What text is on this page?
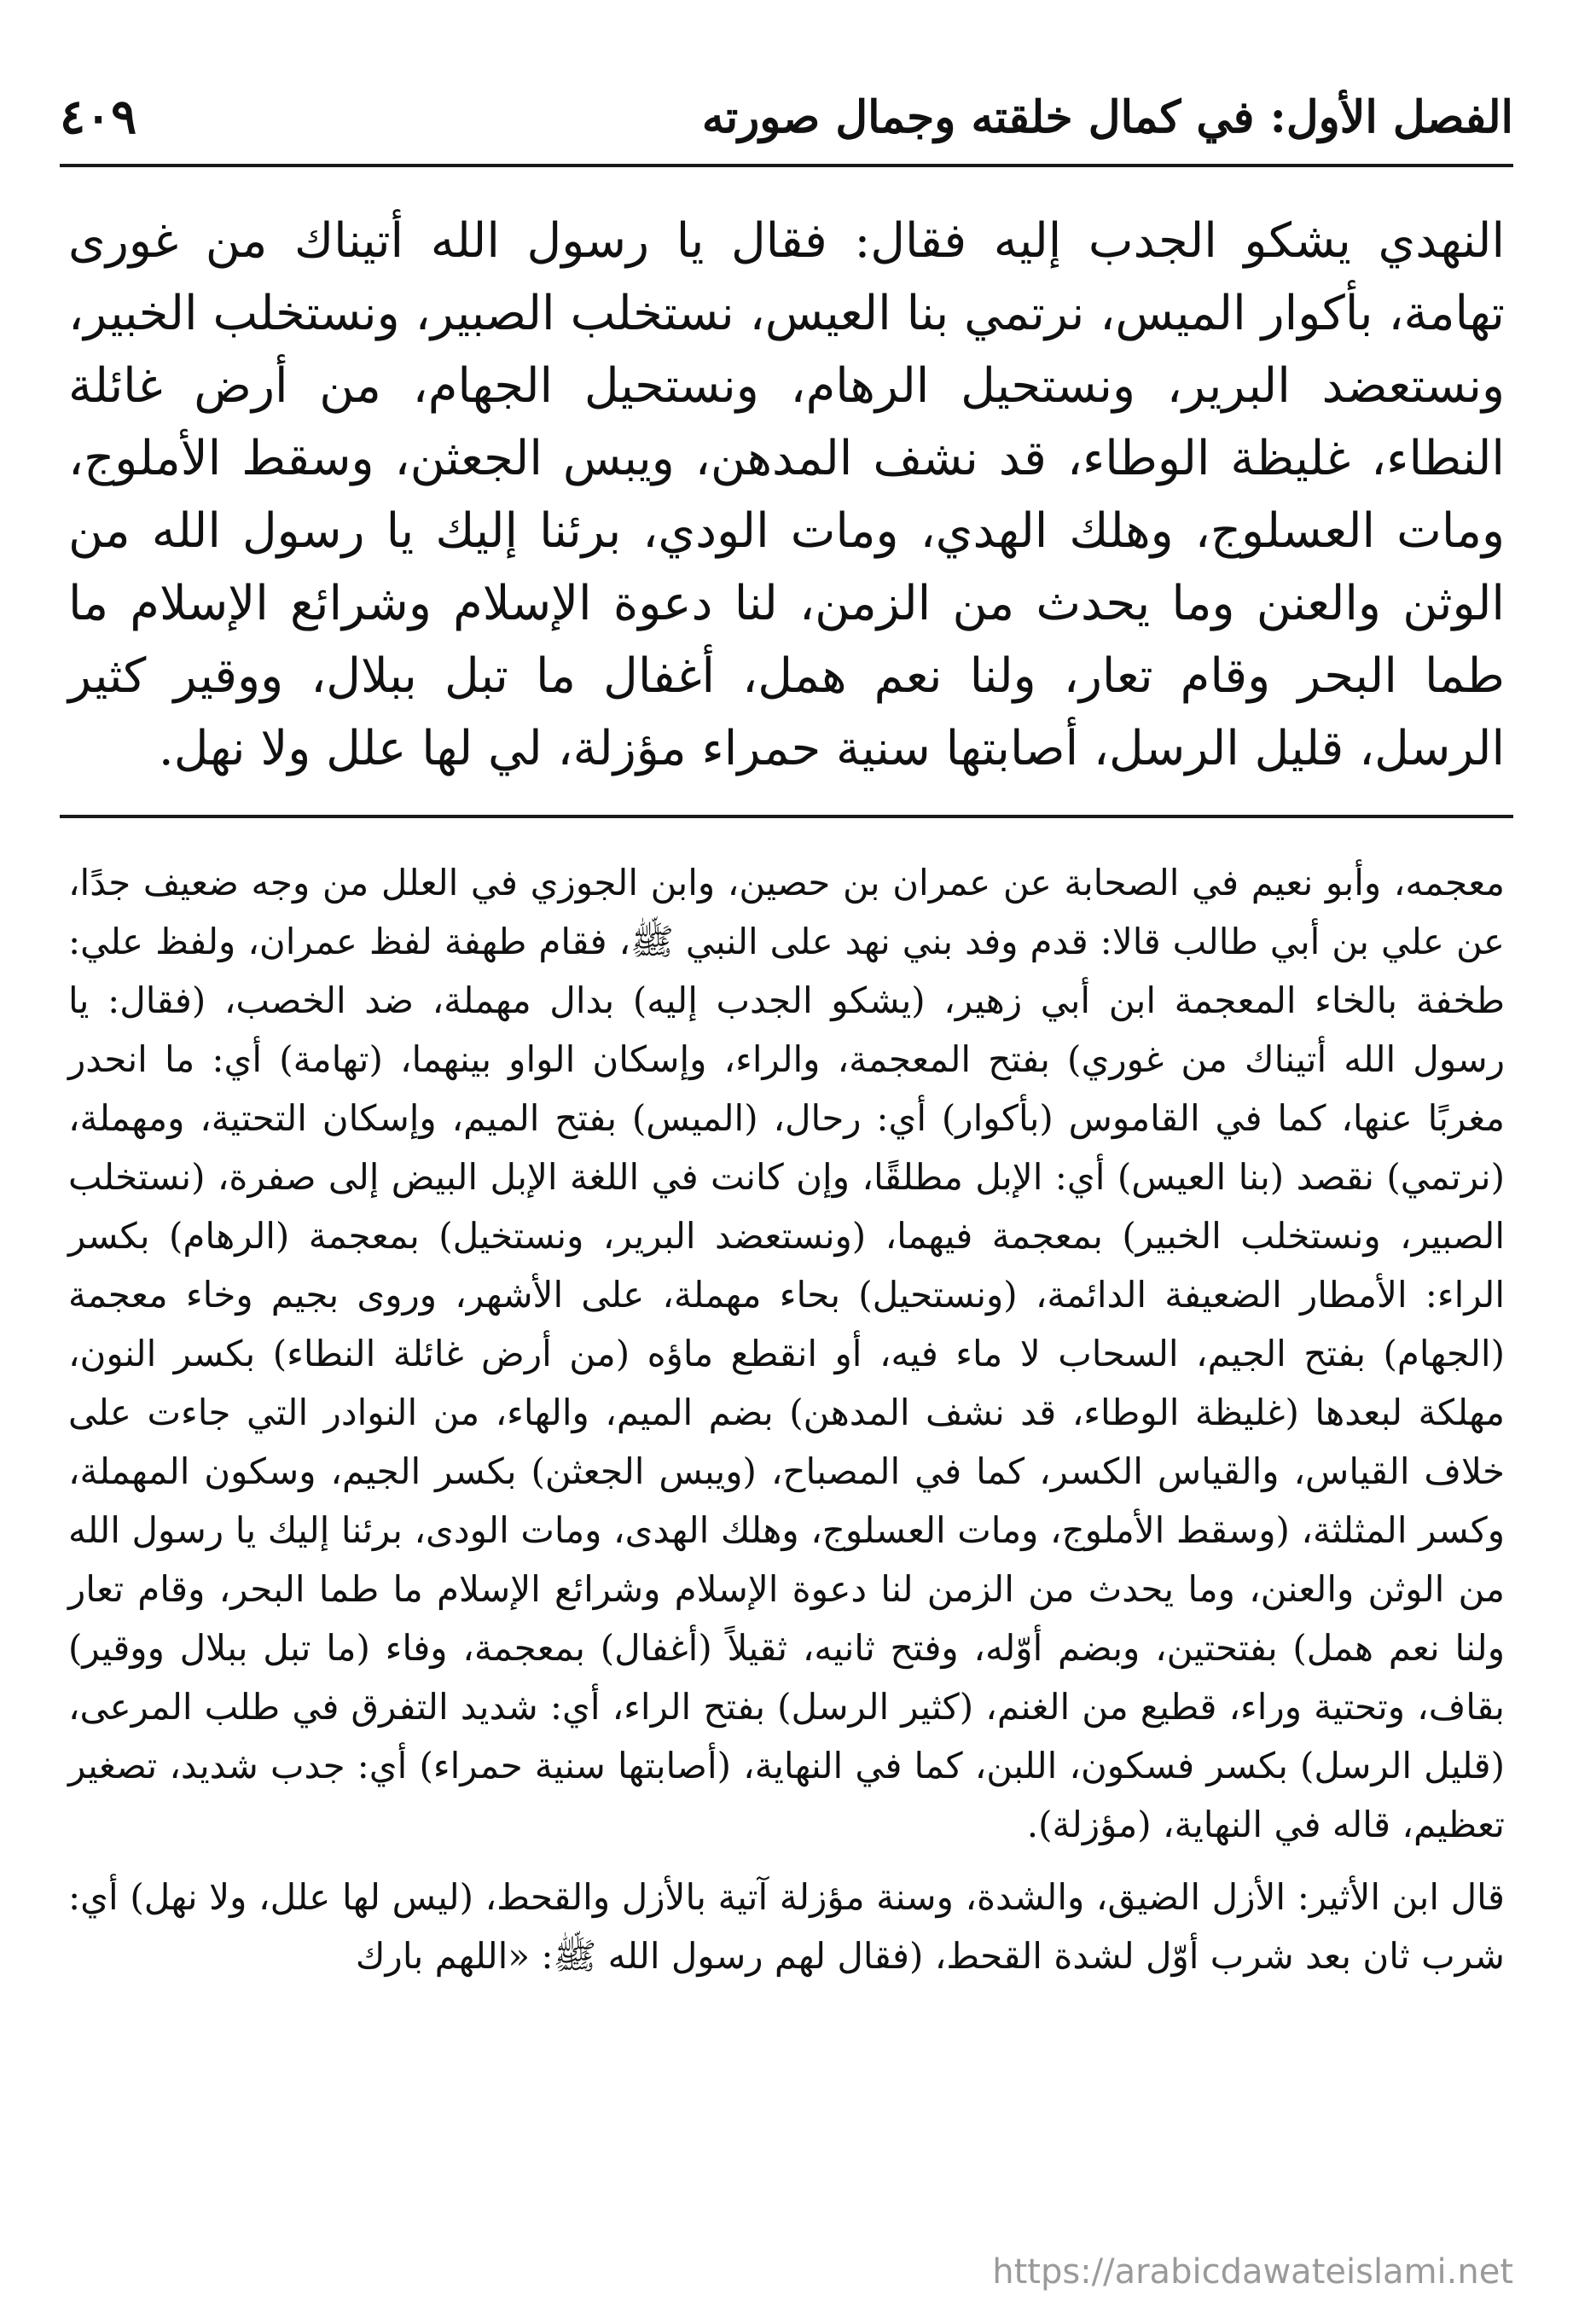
الفصل الأول: في كمال خلقته وجمال صورته
٤٠٩

النهدي يشكو الجدب إليه فقال: فقال يا رسول الله أتيناك من غورى تهامة، بأكوار الميس، نرتمي بنا العيس، نستخلب الصبير، ونستخلب الخبير، ونستعضد البرير، ونستحيل الرهام، ونستحيل الجهام، من أرض غائلة النطاء، غليظة الوطاء، قد نشف المدهن، ويبس الجعثن، وسقط الأملوج، ومات العسلوج، وهلك الهدي، ومات الودي، برئنا إليك يا رسول الله من الوثن والعنن وما يحدث من الزمن، لنا دعوة الإسلام وشرائع الإسلام ما طما البحر وقام تعار، ولنا نعم همل، أغفال ما تبل ببلال، ووقير كثير الرسل، قليل الرسل، أصابتها سنية حمراء مؤزلة، لي لها علل ولا نهل.

معجمه، وأبو نعيم في الصحابة عن عمران بن حصين، وابن الجوزي في العلل من وجه ضعيف جدًا، عن علي بن أبي طالب قالا: قدم وفد بني نهد على النبي ﷺ، فقام طهفة لفظ عمران، ولفظ علي: طخفة بالخاء المعجمة ابن أبي زهير، (يشكو الجدب إليه) بدال مهملة، ضد الخصب، (فقال: يا رسول الله أتيناك من غوري) بفتح المعجمة، والراء، وإسكان الواو بينهما، (تهامة) أي: ما انحدر مغربًا عنها، كما في القاموس (بأكوار) أي: رحال، (الميس) بفتح الميم، وإسكان التحتية، ومهملة، (نرتمي) نقصد (بنا العيس) أي: الإبل مطلقًا، وإن كانت في اللغة الإبل البيض إلى صفرة، (نستخلب الصبير، ونستخلب الخبير) بمعجمة فيهما، (ونستعضد البرير، ونستخيل) بمعجمة (الرهام) بكسر الراء: الأمطار الضعيفة الدائمة، (ونستحيل) بحاء مهملة، على الأشهر، وروى بجيم وخاء معجمة (الجهام) بفتح الجيم، السحاب لا ماء فيه، أو انقطع ماؤه (من أرض غائلة النطاء) بكسر النون، مهلكة لبعدها (غليظة الوطاء، قد نشف المدهن) بضم الميم، والهاء، من النوادر التي جاءت على خلاف القياس، والقياس الكسر، كما في المصباح، (ويبس الجعثن) بكسر الجيم، وسكون المهملة، وكسر المثلثة، (وسقط الأملوج، ومات العسلوج، وهلك الهدى، ومات الودى، برئنا إليك يا رسول الله من الوثن والعنن، وما يحدث من الزمن لنا دعوة الإسلام وشرائع الإسلام ما طما البحر، وقام تعار ولنا نعم همل) بفتحتين، وبضم أوّله، وفتح ثانيه، ثقيلاً (أغفال) بمعجمة، وفاء (ما تبل ببلال ووقير) بقاف، وتحتية وراء، قطيع من الغنم، (كثير الرسل) بفتح الراء، أي: شديد التفرق في طلب المرعى، (قليل الرسل) بكسر فسكون، اللبن، كما في النهاية، (أصابتها سنية حمراء) أي: جدب شديد، تصغير تعظيم، قاله في النهاية، (مؤزلة).

قال ابن الأثير: الأزل الضيق، والشدة، وسنة مؤزلة آتية بالأزل والقحط، (ليس لها علل، ولا نهل) أي: شرب ثان بعد شرب أوّل لشدة القحط، (فقال لهم رسول الله ﷺ: «اللهم بارك

https://arabicdawateislami.net
